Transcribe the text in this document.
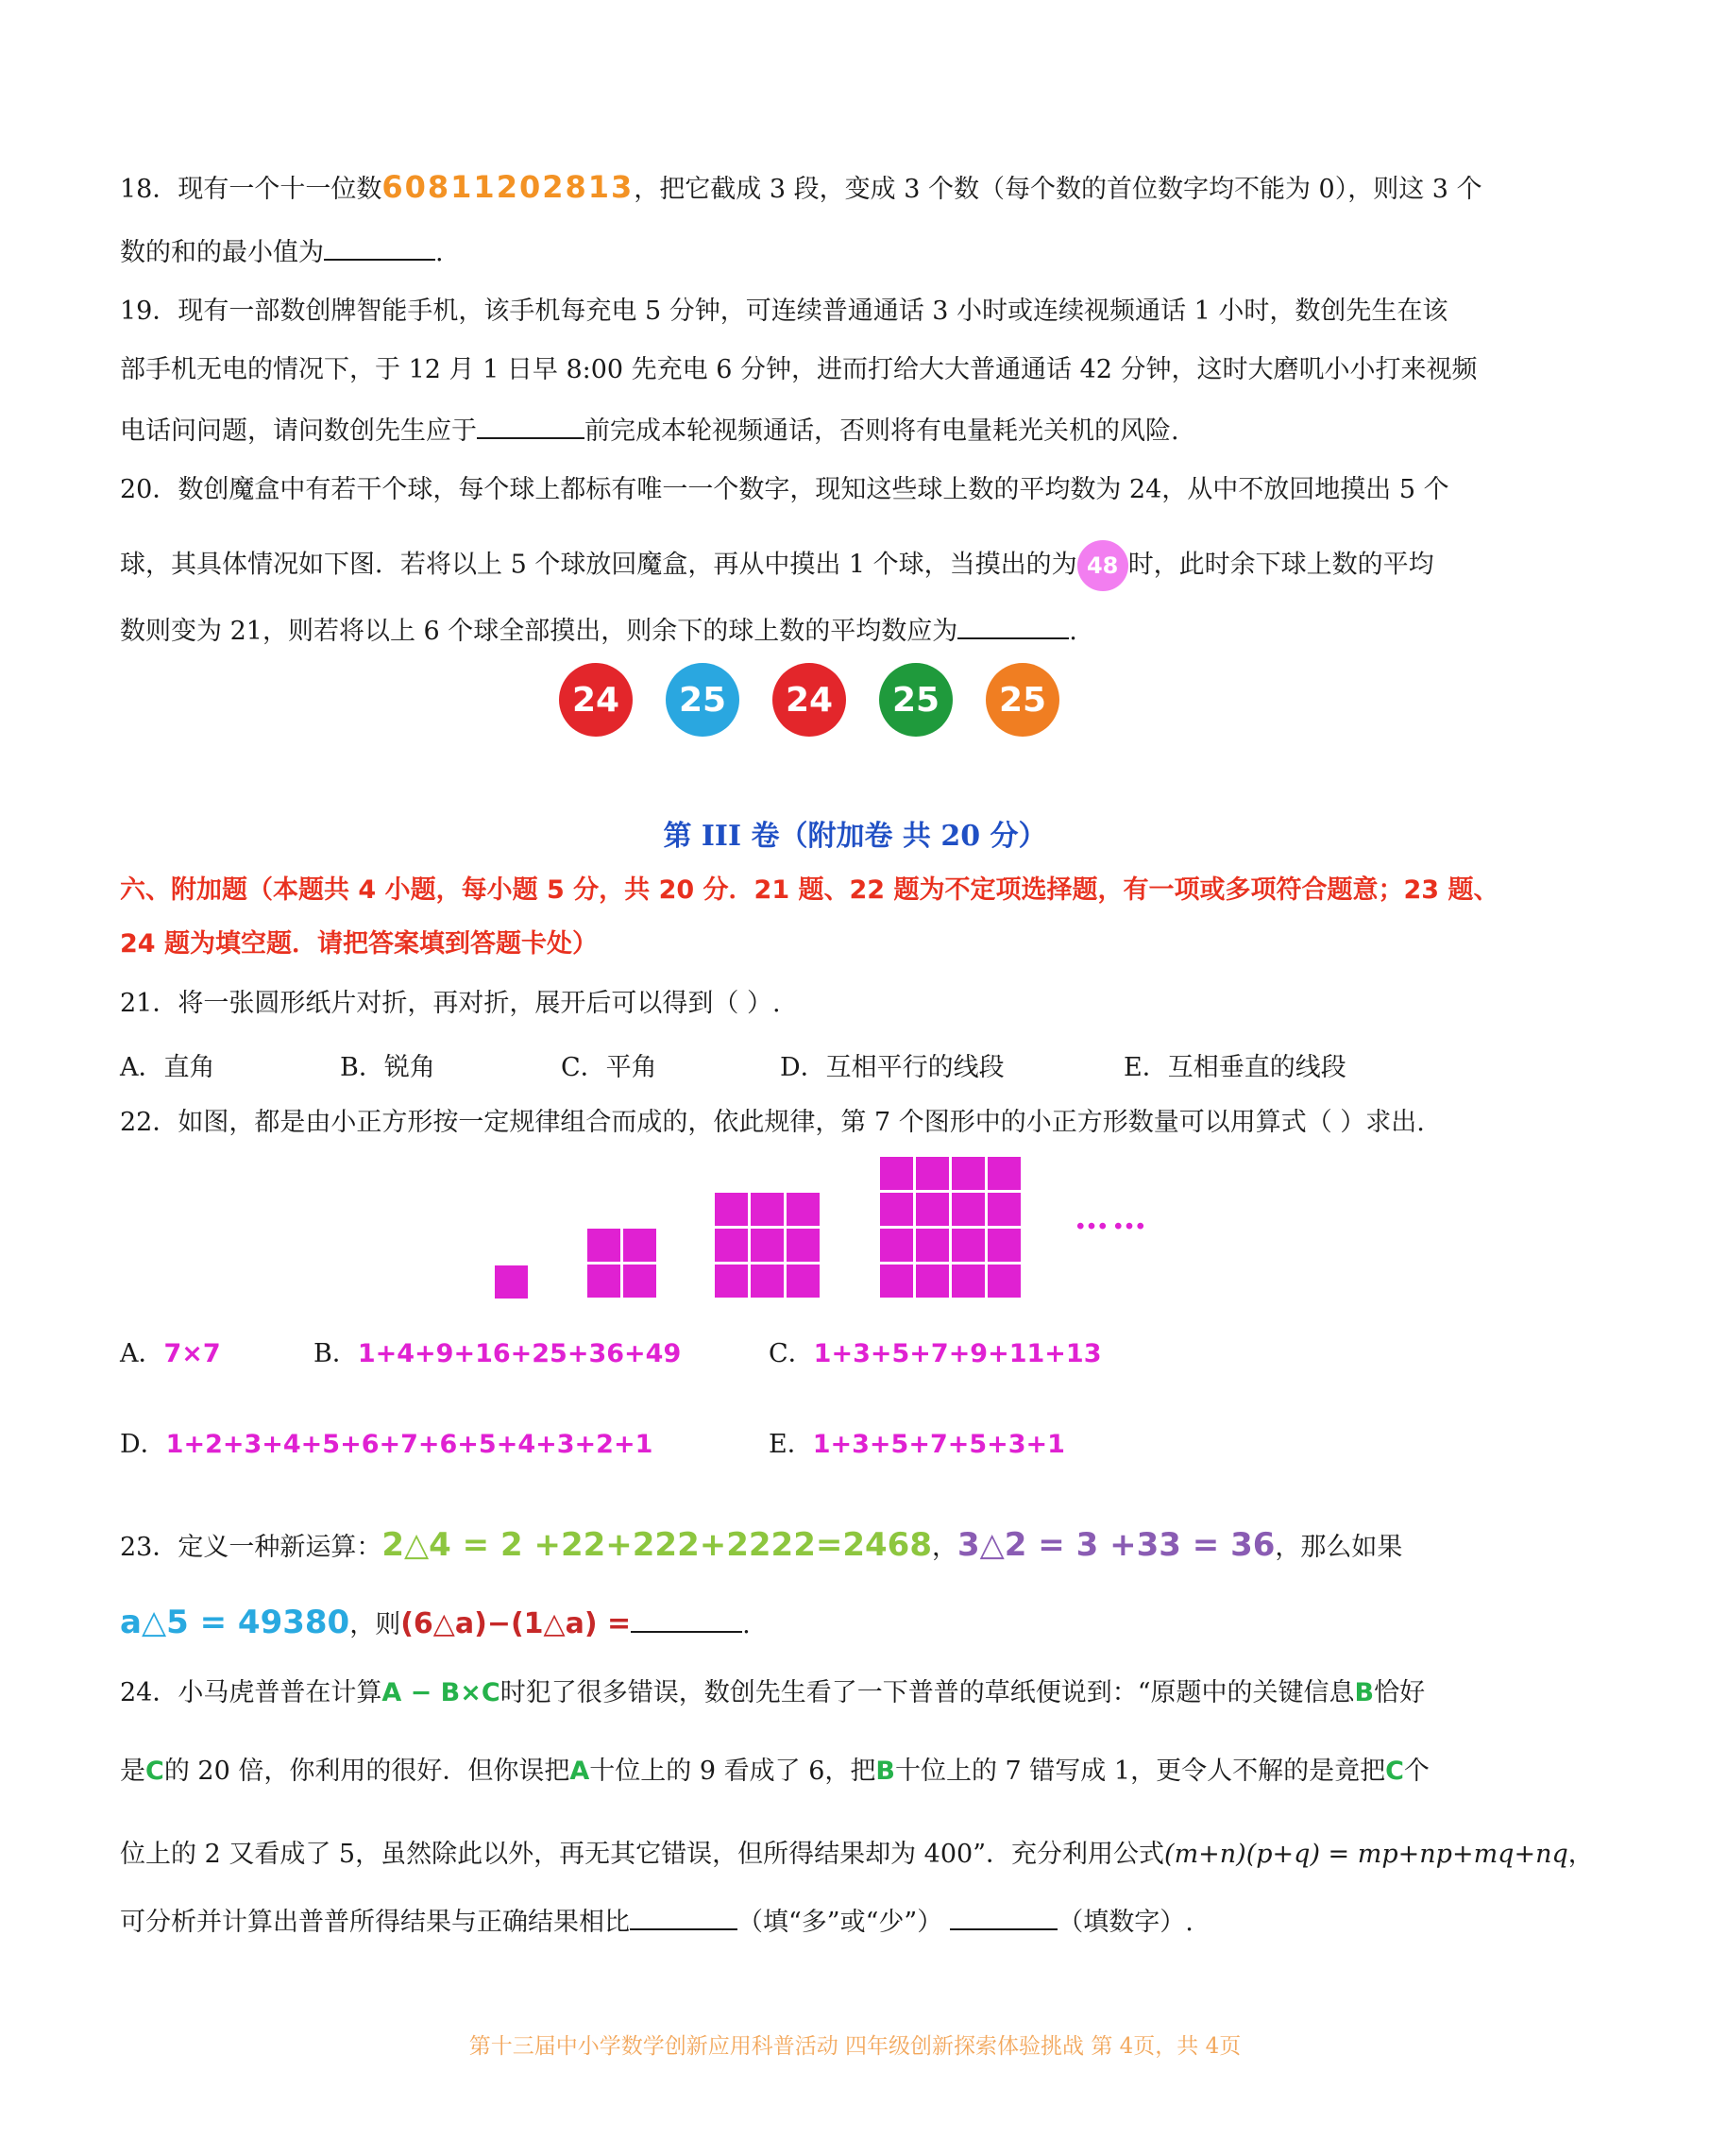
18．现有一个十一位数60811202813，把它截成 3 段，变成 3 个数（每个数的首位数字均不能为 0），则这 3 个
数的和的最小值为	.
19．现有一部数创牌智能手机，该手机每充电 5 分钟，可连续普通通话 3 小时或连续视频通话 1 小时，数创先生在该
部手机无电的情况下，于 12 月 1 日早 8:00 先充电 6 分钟，进而打给大大普通通话 42 分钟，这时大磨叽小小打来视频
电话问问题，请问数创先生应于	前完成本轮视频通话，否则将有电量耗光关机的风险.
20．数创魔盒中有若干个球，每个球上都标有唯一一个数字，现知这些球上数的平均数为 24，从中不放回地摸出 5 个
球，其具体情况如下图．若将以上 5 个球放回魔盒，再从中摸出 1 个球，当摸出的为 48 时，此时余下球上数的平均
数则变为 21，则若将以上 6 个球全部摸出，则余下的球上数的平均数应为	.
24	25	24	25	25
第 III 卷（附加卷 共 20 分）
六、附加题（本题共 4 小题，每小题 5 分，共 20 分．21 题、22 题为不定项选择题，有一项或多项符合题意；23 题、
24 题为填空题．请把答案填到答题卡处）
21．将一张圆形纸片对折，再对折，展开后可以得到（ ）.
A．直角	B．锐角	C．平角	D．互相平行的线段	E．互相垂直的线段
22．如图，都是由小正方形按一定规律组合而成的，依此规律，第 7 个图形中的小正方形数量可以用算式（ ）求出.
……
A．7×7	B．1+4+9+16+25+36+49	C．1+3+5+7+9+11+13
D．1+2+3+4+5+6+7+6+5+4+3+2+1	E．1+3+5+7+5+3+1
23．定义一种新运算：2△4 = 2 +22+222+2222=2468，3△2 = 3 +33 = 36，那么如果
a△5 = 49380，则(6△a)−(1△a) =	.
24．小马虎普普在计算A − B×C时犯了很多错误，数创先生看了一下普普的草纸便说到：“原题中的关键信息B恰好
是C的 20 倍，你利用的很好．但你误把A十位上的 9 看成了 6，把B十位上的 7 错写成 1，更令人不解的是竟把C个
位上的 2 又看成了 5，虽然除此以外，再无其它错误，但所得结果却为 400”．充分利用公式(m+n)(p+q) = mp+np+mq+nq，
可分析并计算出普普所得结果与正确结果相比	（填“多”或“少”）	（填数字）.
第十三届中小学数学创新应用科普活动 四年级创新探索体验挑战 第 4页，共 4页
